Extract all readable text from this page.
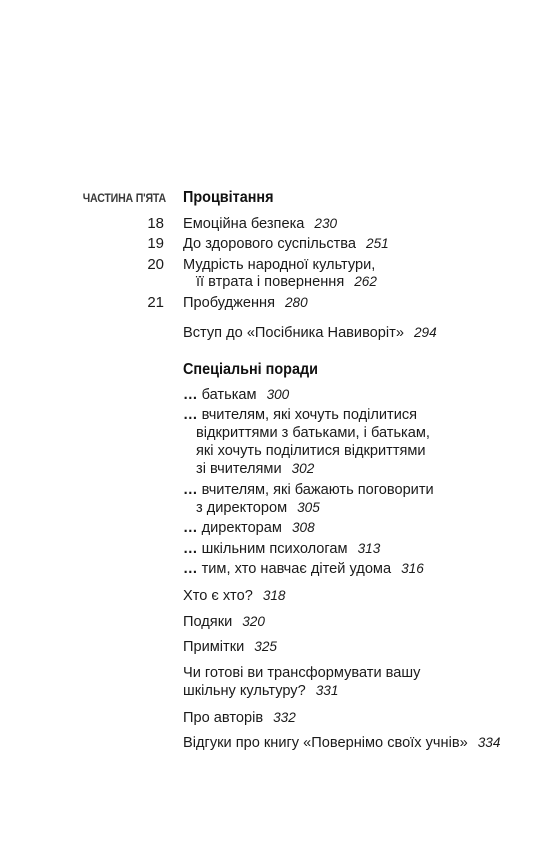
ЧАСТИНА П'ЯТА Процвітання
18 Емоційна безпека 230
19 До здорового суспільства 251
20 Мудрість народної культури,
її втрата і повернення 262
21 Пробудження 280
Вступ до «Посібника Навиворіт» 294
Спеціальні поради
… батькам 300
… вчителям, які хочуть поділитися
відкриттями з батьками, і батькам,
які хочуть поділитися відкриттями
зі вчителями 302
… вчителям, які бажають поговорити
з директором 305
… директорам 308
… шкільним психологам 313
… тим, хто навчає дітей удома 316
Хто є хто? 318
Подяки 320
Примітки 325
Чи готові ви трансформувати вашу
шкільну культуру? 331
Про авторів 332
Відгуки про книгу «Повернімо своїх учнів» 334
